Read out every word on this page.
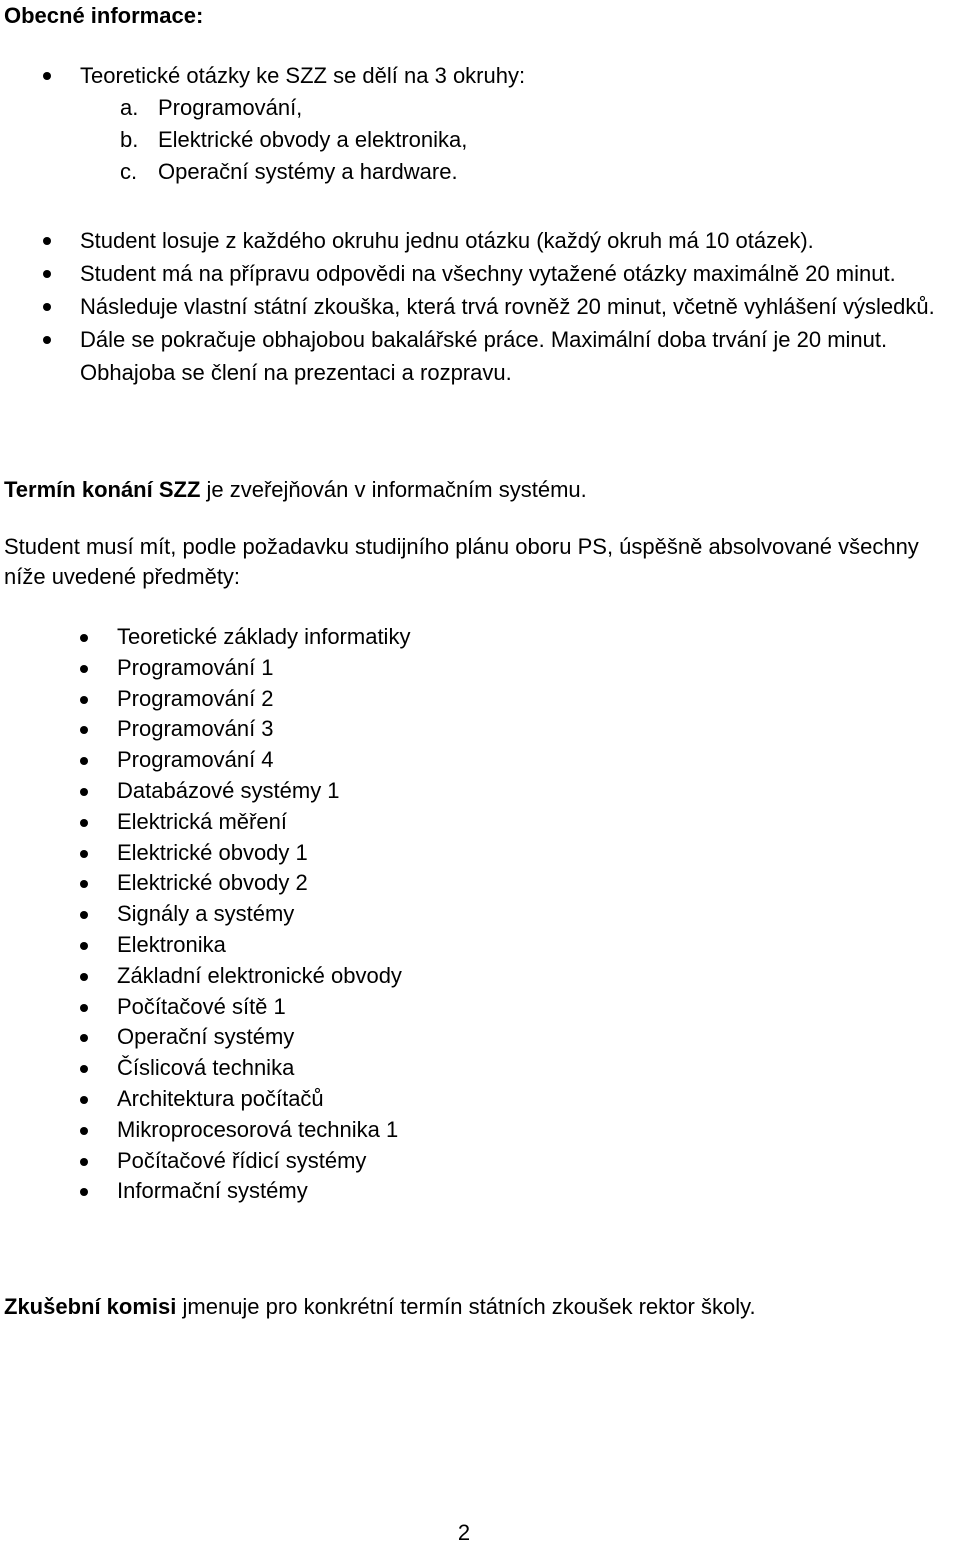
Obecné informace:
Teoretické otázky ke SZZ se dělí na 3 okruhy:
a. Programování,
b. Elektrické obvody a elektronika,
c. Operační systémy a hardware.
Student losuje z každého okruhu jednu otázku (každý okruh má 10 otázek).
Student má na přípravu odpovědi na všechny vytažené otázky maximálně 20 minut.
Následuje vlastní státní zkouška, která trvá rovněž 20 minut, včetně vyhlášení výsledků.
Dále se pokračuje obhajobou bakalářské práce. Maximální doba trvání je 20 minut. Obhajoba se člení na prezentaci a rozpravu.

Termín konání SZZ je zveřejňován v informačním systému.

Student musí mít, podle požadavku studijního plánu oboru PS, úspěšně absolvované všechny níže uvedené předměty:

Teoretické základy informatiky
Programování 1
Programování 2
Programování 3
Programování 4
Databázové systémy 1
Elektrická měření
Elektrické obvody 1
Elektrické obvody 2
Signály a systémy
Elektronika
Základní elektronické obvody
Počítačové sítě 1
Operační systémy
Číslicová technika
Architektura počítačů
Mikroprocesorová technika 1
Počítačové řídicí systémy
Informační systémy

Zkušební komisi jmenuje pro konkrétní termín státních zkoušek rektor školy.

2
